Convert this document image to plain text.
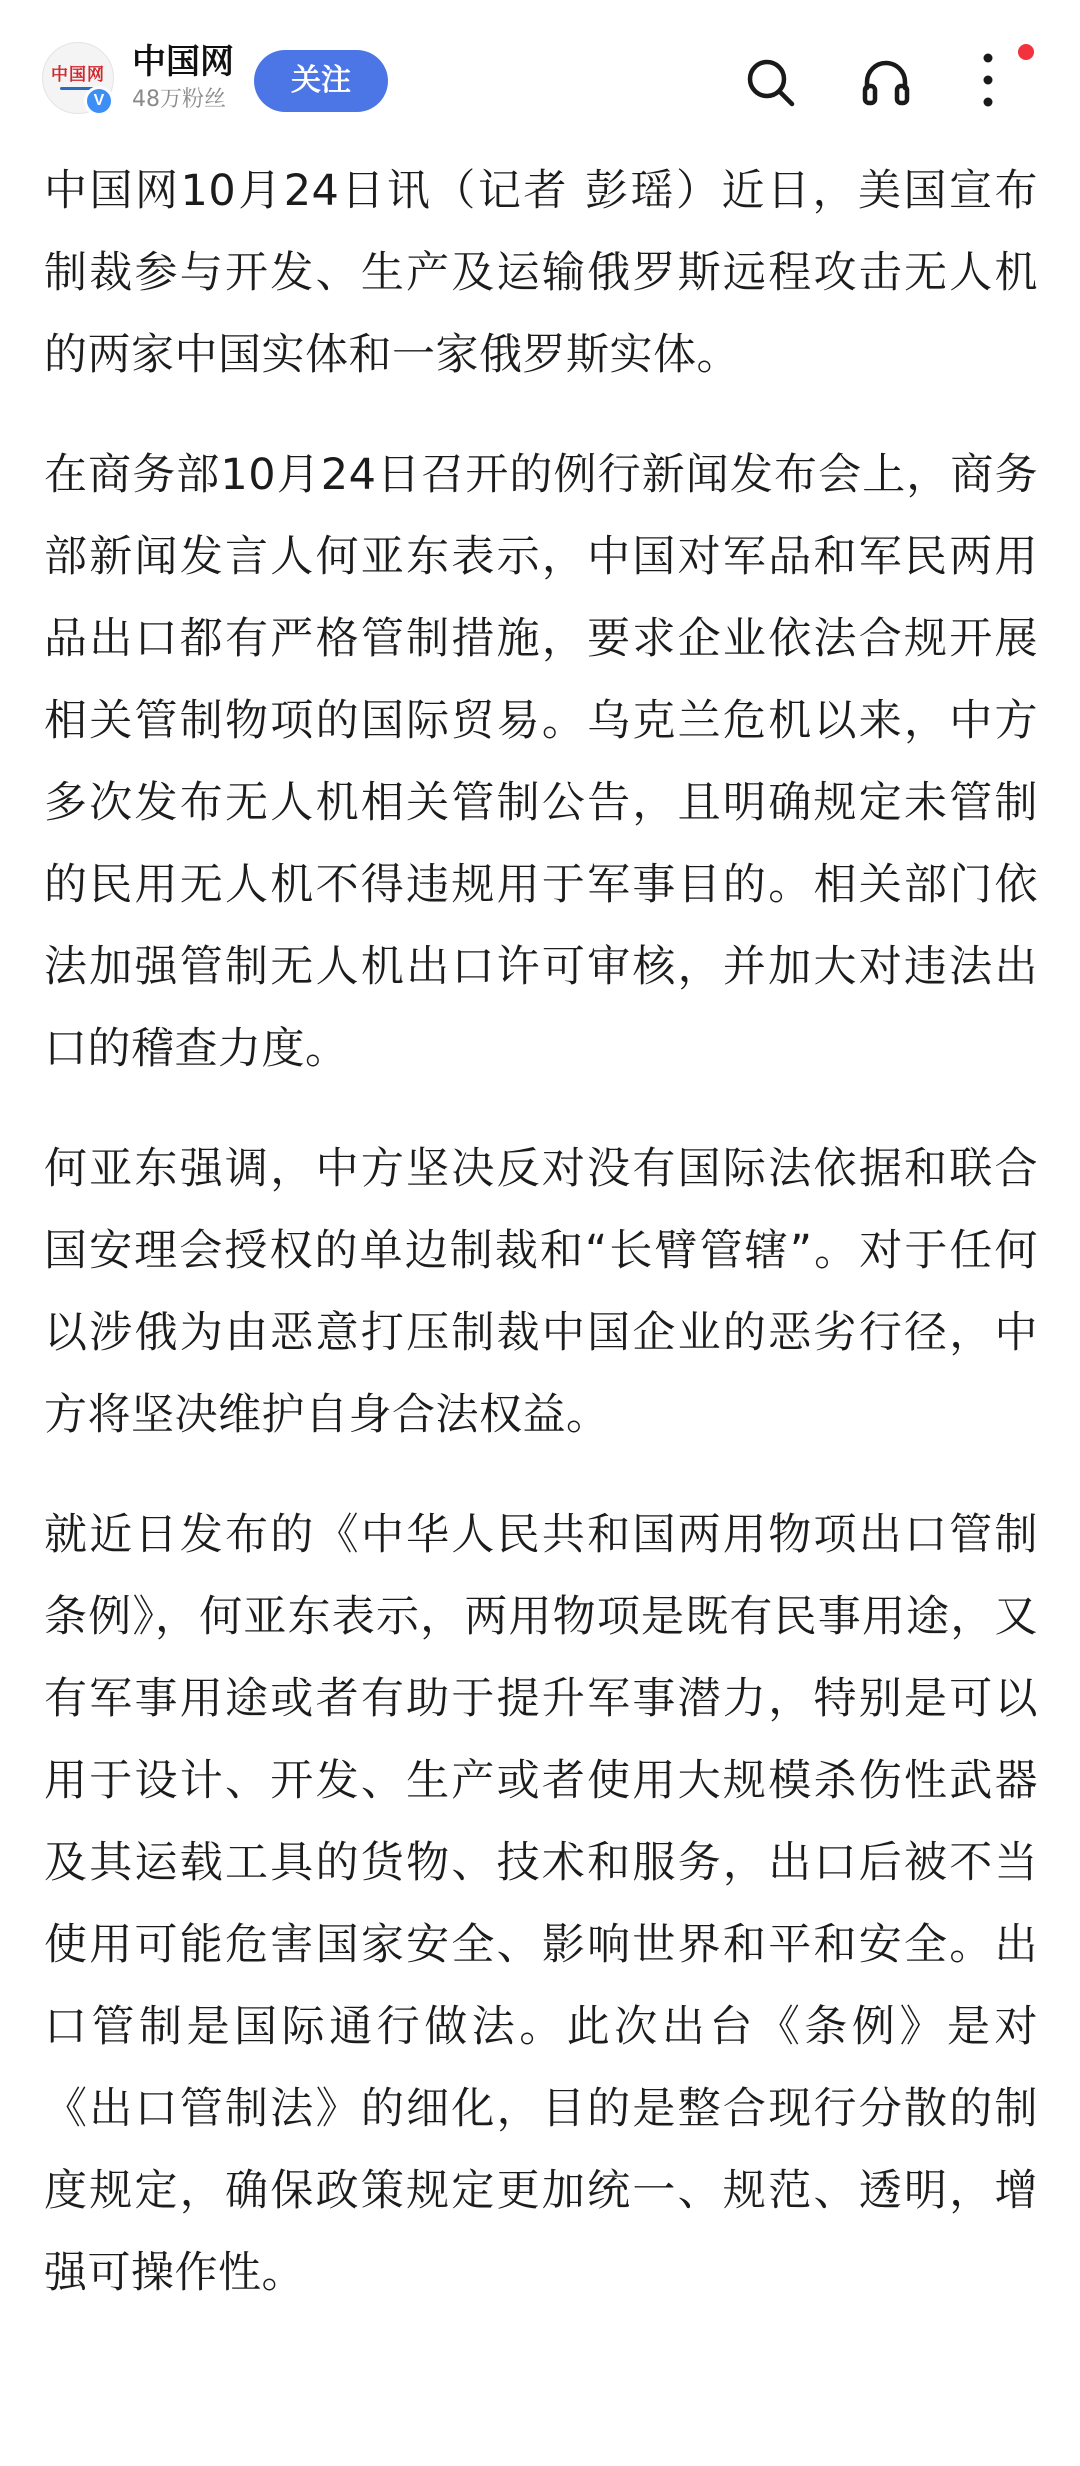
中国网
V
中国网
48万粉丝
关注

中国网10月24日讯（记者 彭瑶）近日，美国宣布制裁参与开发、生产及运输俄罗斯远程攻击无人机的两家中国实体和一家俄罗斯实体。

在商务部10月24日召开的例行新闻发布会上，商务部新闻发言人何亚东表示，中国对军品和军民两用品出口都有严格管制措施，要求企业依法合规开展相关管制物项的国际贸易。乌克兰危机以来，中方多次发布无人机相关管制公告，且明确规定未管制的民用无人机不得违规用于军事目的。相关部门依法加强管制无人机出口许可审核，并加大对违法出口的稽查力度。

何亚东强调，中方坚决反对没有国际法依据和联合国安理会授权的单边制裁和“长臂管辖”。对于任何以涉俄为由恶意打压制裁中国企业的恶劣行径，中方将坚决维护自身合法权益。

就近日发布的《中华人民共和国两用物项出口管制条例》，何亚东表示，两用物项是既有民事用途，又有军事用途或者有助于提升军事潜力，特别是可以用于设计、开发、生产或者使用大规模杀伤性武器及其运载工具的货物、技术和服务，出口后被不当使用可能危害国家安全、影响世界和平和安全。出口管制是国际通行做法。此次出台《条例》是对《出口管制法》的细化，目的是整合现行分散的制度规定，确保政策规定更加统一、规范、透明，增强可操作性。
